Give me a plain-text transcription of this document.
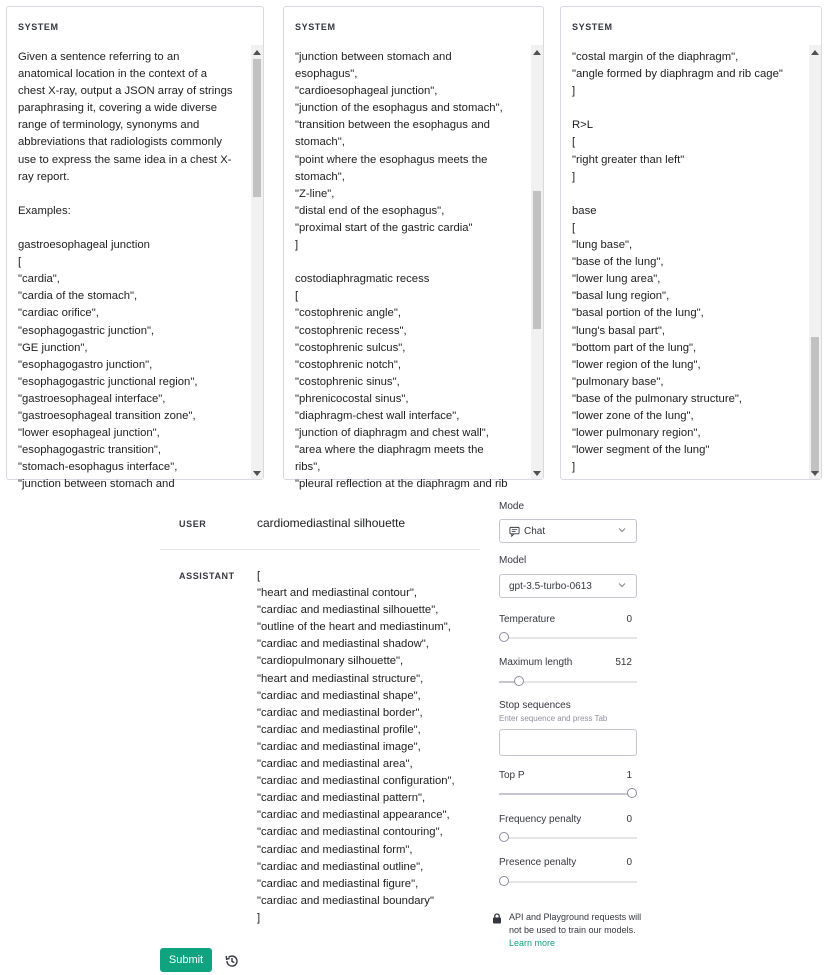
SYSTEM
Given a sentence referring to an
anatomical location in the context of a
chest X-ray, output a JSON array of strings
paraphrasing it, covering a wide diverse
range of terminology, synonyms and
abbreviations that radiologists commonly
use to express the same idea in a chest X-
ray report.

Examples:

gastroesophageal junction
[
"cardia",
"cardia of the stomach",
"cardiac orifice",
"esophagogastric junction",
"GE junction",
"esophagogastro junction",
"esophagogastric junctional region",
"gastroesophageal interface",
"gastroesophageal transition zone",
"lower esophageal junction",
"esophagogastric transition",
"stomach-esophagus interface",
"junction between stomach and
SYSTEM
"junction between stomach and
esophagus",
"cardioesophageal junction",
"junction of the esophagus and stomach",
"transition between the esophagus and
stomach",
"point where the esophagus meets the
stomach",
"Z-line",
"distal end of the esophagus",
"proximal start of the gastric cardia"
]

costodiaphragmatic recess
[
"costophrenic angle",
"costophrenic recess",
"costophrenic sulcus",
"costophrenic notch",
"costophrenic sinus",
"phrenicocostal sinus",
"diaphragm-chest wall interface",
"junction of diaphragm and chest wall",
"area where the diaphragm meets the
ribs",
"pleural reflection at the diaphragm and rib
SYSTEM
"costal margin of the diaphragm",
"angle formed by diaphragm and rib cage"
]

R>L
[
"right greater than left"
]

base
[
"lung base",
"base of the lung",
"lower lung area",
"basal lung region",
"basal portion of the lung",
"lung's basal part",
"bottom part of the lung",
"lower region of the lung",
"pulmonary base",
"base of the pulmonary structure",
"lower zone of the lung",
"lower pulmonary region",
"lower segment of the lung"
]
USER	cardiomediastinal silhouette
ASSISTANT [
"heart and mediastinal contour",
"cardiac and mediastinal silhouette",
"outline of the heart and mediastinum",
"cardiac and mediastinal shadow",
"cardiopulmonary silhouette",
"heart and mediastinal structure",
"cardiac and mediastinal shape",
"cardiac and mediastinal border",
"cardiac and mediastinal profile",
"cardiac and mediastinal image",
"cardiac and mediastinal area",
"cardiac and mediastinal configuration",
"cardiac and mediastinal pattern",
"cardiac and mediastinal appearance",
"cardiac and mediastinal contouring",
"cardiac and mediastinal form",
"cardiac and mediastinal outline",
"cardiac and mediastinal figure",
"cardiac and mediastinal boundary"
]
Submit
Mode
Chat
Model
gpt-3.5-turbo-0613
Temperature	0
Maximum length	512
Stop sequences
Enter sequence and press Tab
Top P	1
Frequency penalty	0
Presence penalty	0
API and Playground requests will not be used to train our models. Learn more
